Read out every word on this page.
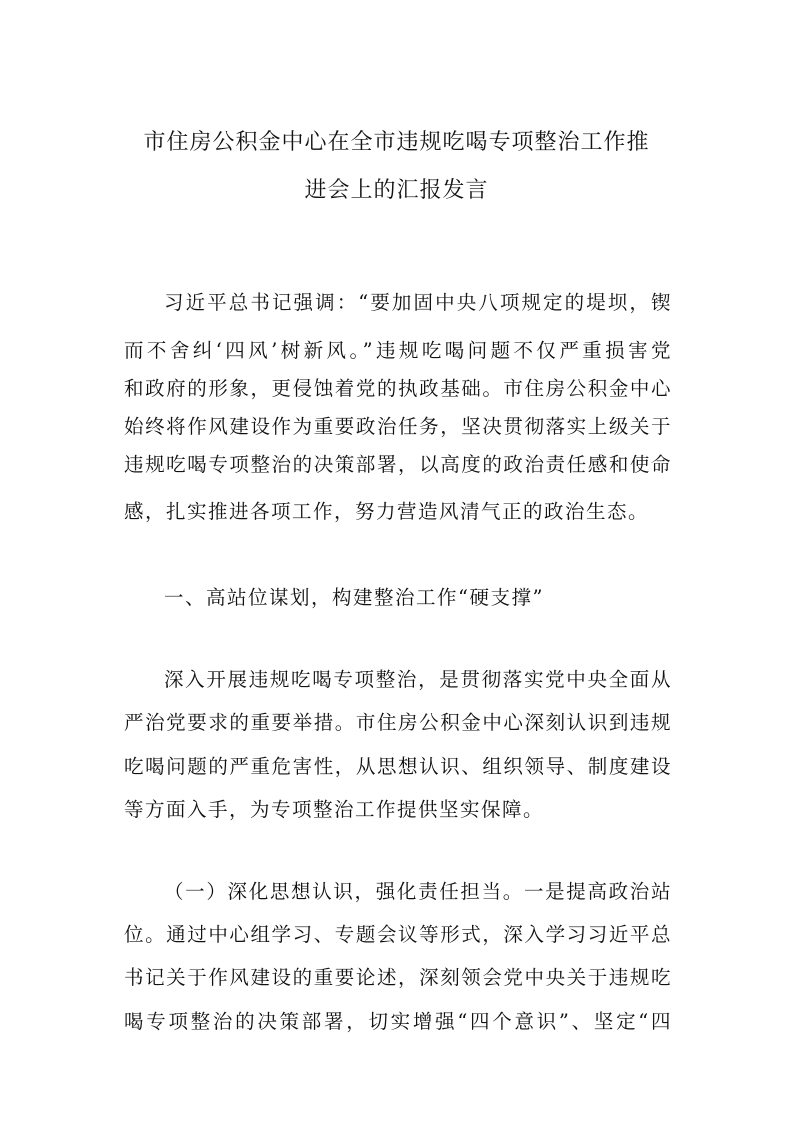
市住房公积金中心在全市违规吃喝专项整治工作推
进会上的汇报发言
习近平总书记强调：“要加固中央八项规定的堤坝，锲
而不舍纠‘四风’树新风。”违规吃喝问题不仅严重损害党
和政府的形象，更侵蚀着党的执政基础。市住房公积金中心
始终将作风建设作为重要政治任务，坚决贯彻落实上级关于
违规吃喝专项整治的决策部署，以高度的政治责任感和使命
感，扎实推进各项工作，努力营造风清气正的政治生态。
一、高站位谋划，构建整治工作“硬支撑”
深入开展违规吃喝专项整治，是贯彻落实党中央全面从
严治党要求的重要举措。市住房公积金中心深刻认识到违规
吃喝问题的严重危害性，从思想认识、组织领导、制度建设
等方面入手，为专项整治工作提供坚实保障。
（一）深化思想认识，强化责任担当。一是提高政治站
位。通过中心组学习、专题会议等形式，深入学习习近平总
书记关于作风建设的重要论述，深刻领会党中央关于违规吃
喝专项整治的决策部署，切实增强“四个意识”、坚定“四
